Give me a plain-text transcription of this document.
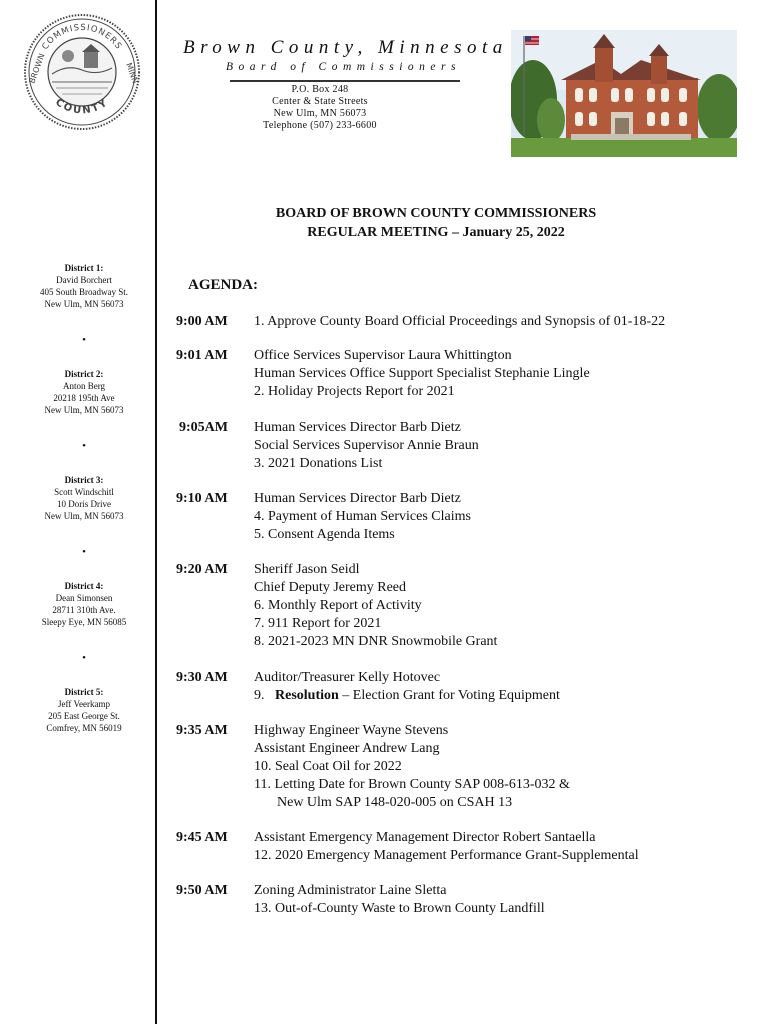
COMMISSIONERS
COUNTY
BROWN	MINN
Brown County, Minnesota
Board of Commissioners
P.O. Box 248
Center & State Streets
New Ulm, MN 56073
Telephone (507) 233-6600
BOARD OF BROWN COUNTY COMMISSIONERS
REGULAR MEETING – January 25, 2022
District 1:
David Borchert
405 South Broadway St.
New Ulm, MN 56073
•
District 2:
Anton Berg
20218 195th Ave
New Ulm, MN 56073
•
District 3:
Scott Windschitl
10 Doris Drive
New Ulm, MN 56073
•
District 4:
Dean Simonsen
28711 310th Ave.
Sleepy Eye, MN 56085
•
District 5:
Jeff Veerkamp
205 East George St.
Comfrey, MN 56019
AGENDA:
9:00 AM 1. Approve County Board Official Proceedings and Synopsis of 01-18-22
9:01 AM Office Services Supervisor Laura Whittington
Human Services Office Support Specialist Stephanie Lingle
2. Holiday Projects Report for 2021
9:05AM Human Services Director Barb Dietz
Social Services Supervisor Annie Braun
3. 2021 Donations List
9:10 AM Human Services Director Barb Dietz
4. Payment of Human Services Claims
5. Consent Agenda Items
9:20 AM Sheriff Jason Seidl
Chief Deputy Jeremy Reed
6. Monthly Report of Activity
7. 911 Report for 2021
8. 2021-2023 MN DNR Snowmobile Grant
9:30 AM Auditor/Treasurer Kelly Hotovec
9.   Resolution – Election Grant for Voting Equipment
9:35 AM Highway Engineer Wayne Stevens
Assistant Engineer Andrew Lang
10. Seal Coat Oil for 2022
11. Letting Date for Brown County SAP 008-613-032 &
New Ulm SAP 148-020-005 on CSAH 13
9:45 AM Assistant Emergency Management Director Robert Santaella
12. 2020 Emergency Management Performance Grant-Supplemental
9:50 AM Zoning Administrator Laine Sletta
13. Out-of-County Waste to Brown County Landfill
